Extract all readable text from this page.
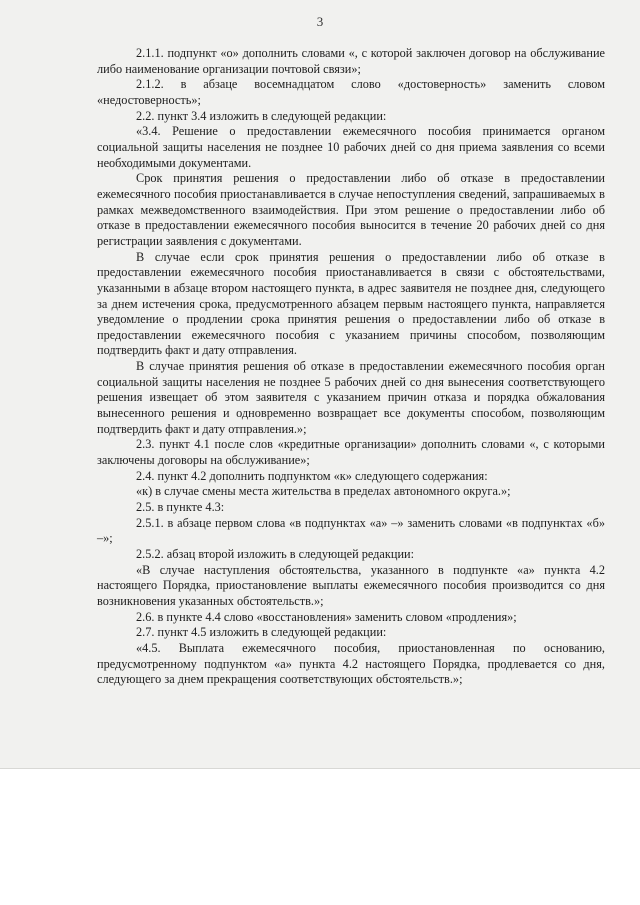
3

2.1.1. подпункт «о» дополнить словами «, с которой заключен договор на обслуживание либо наименование организации почтовой связи»;

2.1.2. в абзаце восемнадцатом слово «достоверность» заменить словом «недостоверность»;

2.2. пункт 3.4 изложить в следующей редакции:

«3.4. Решение о предоставлении ежемесячного пособия принимается органом социальной защиты населения не позднее 10 рабочих дней со дня приема заявления со всеми необходимыми документами.

Срок принятия решения о предоставлении либо об отказе в предоставлении ежемесячного пособия приостанавливается в случае непоступления сведений, запрашиваемых в рамках межведомственного взаимодействия. При этом решение о предоставлении либо об отказе в предоставлении ежемесячного пособия выносится в течение 20 рабочих дней со дня регистрации заявления с документами.

В случае если срок принятия решения о предоставлении либо об отказе в предоставлении ежемесячного пособия приостанавливается в связи с обстоятельствами, указанными в абзаце втором настоящего пункта, в адрес заявителя не позднее дня, следующего за днем истечения срока, предусмотренного абзацем первым настоящего пункта, направляется уведомление о продлении срока принятия решения о предоставлении либо об отказе в предоставлении ежемесячного пособия с указанием причины способом, позволяющим подтвердить факт и дату отправления.

В случае принятия решения об отказе в предоставлении ежемесячного пособия орган социальной защиты населения не позднее 5 рабочих дней со дня вынесения соответствующего решения извещает об этом заявителя с указанием причин отказа и порядка обжалования вынесенного решения и одновременно возвращает все документы способом, позволяющим подтвердить факт и дату отправления.»;

2.3. пункт 4.1 после слов «кредитные организации» дополнить словами «, с которыми заключены договоры на обслуживание»;

2.4. пункт 4.2 дополнить подпунктом «к» следующего содержания:

«к) в случае смены места жительства в пределах автономного округа.»;

2.5. в пункте 4.3:

2.5.1. в абзаце первом слова «в подпунктах «а» –» заменить словами «в подпунктах «б» –»;

2.5.2. абзац второй изложить в следующей редакции:

«В случае наступления обстоятельства, указанного в подпункте «а» пункта 4.2 настоящего Порядка, приостановление выплаты ежемесячного пособия производится со дня возникновения указанных обстоятельств.»;

2.6. в пункте 4.4 слово «восстановления» заменить словом «продления»;

2.7. пункт 4.5 изложить в следующей редакции:

«4.5. Выплата ежемесячного пособия, приостановленная по основанию, предусмотренному подпунктом «а» пункта 4.2 настоящего Порядка, продлевается со дня, следующего за днем прекращения соответствующих обстоятельств.»;
